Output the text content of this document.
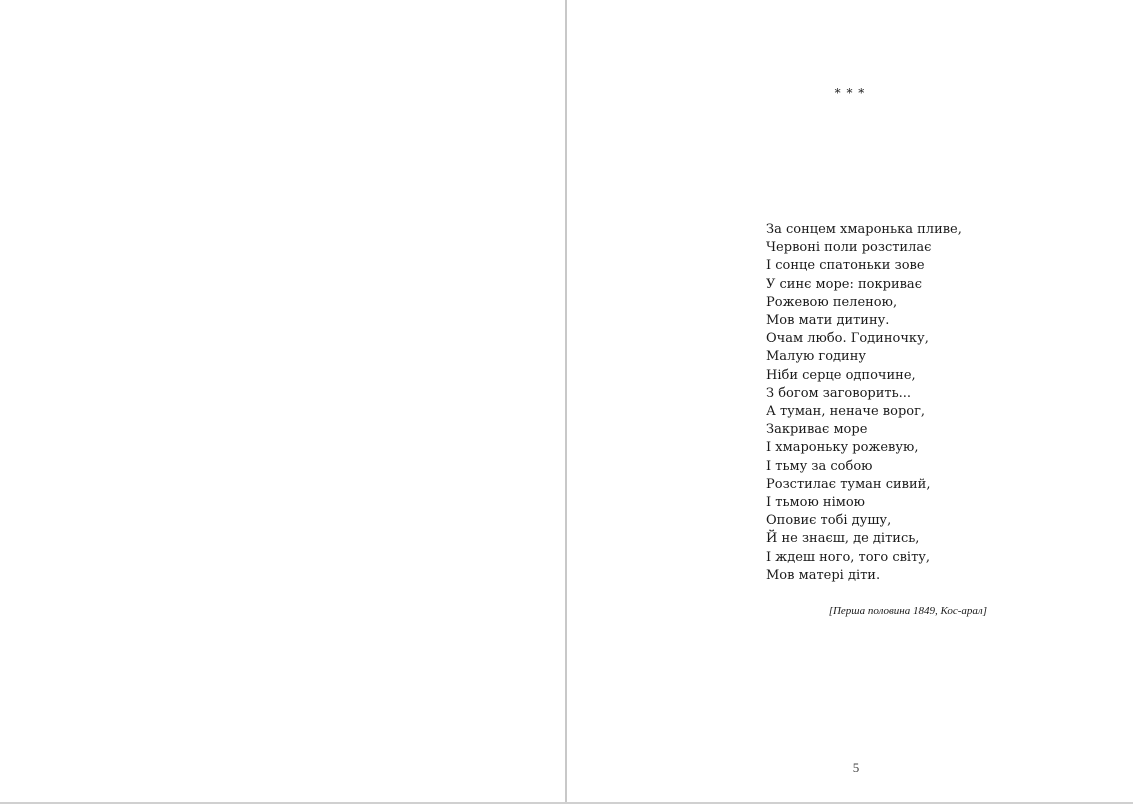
* * *
За сонцем хмаронька пливе,
Червоні поли розстилає
І сонце спатоньки зове
У синє море: покриває
Рожевою пеленою,
Мов мати дитину.
Очам любо. Годиночку,
Малую годину
Ніби серце одпочине,
З богом заговорить...
А туман, неначе ворог,
Закриває море
І хмароньку рожевую,
І тьму за собою
Розстилає туман сивий,
І тьмою німою
Оповиє тобі душу,
Й не знаєш, де дітись,
І ждеш ного, того світу,
Мов матері діти.
[Перша половина 1849, Кос-арал]
5
